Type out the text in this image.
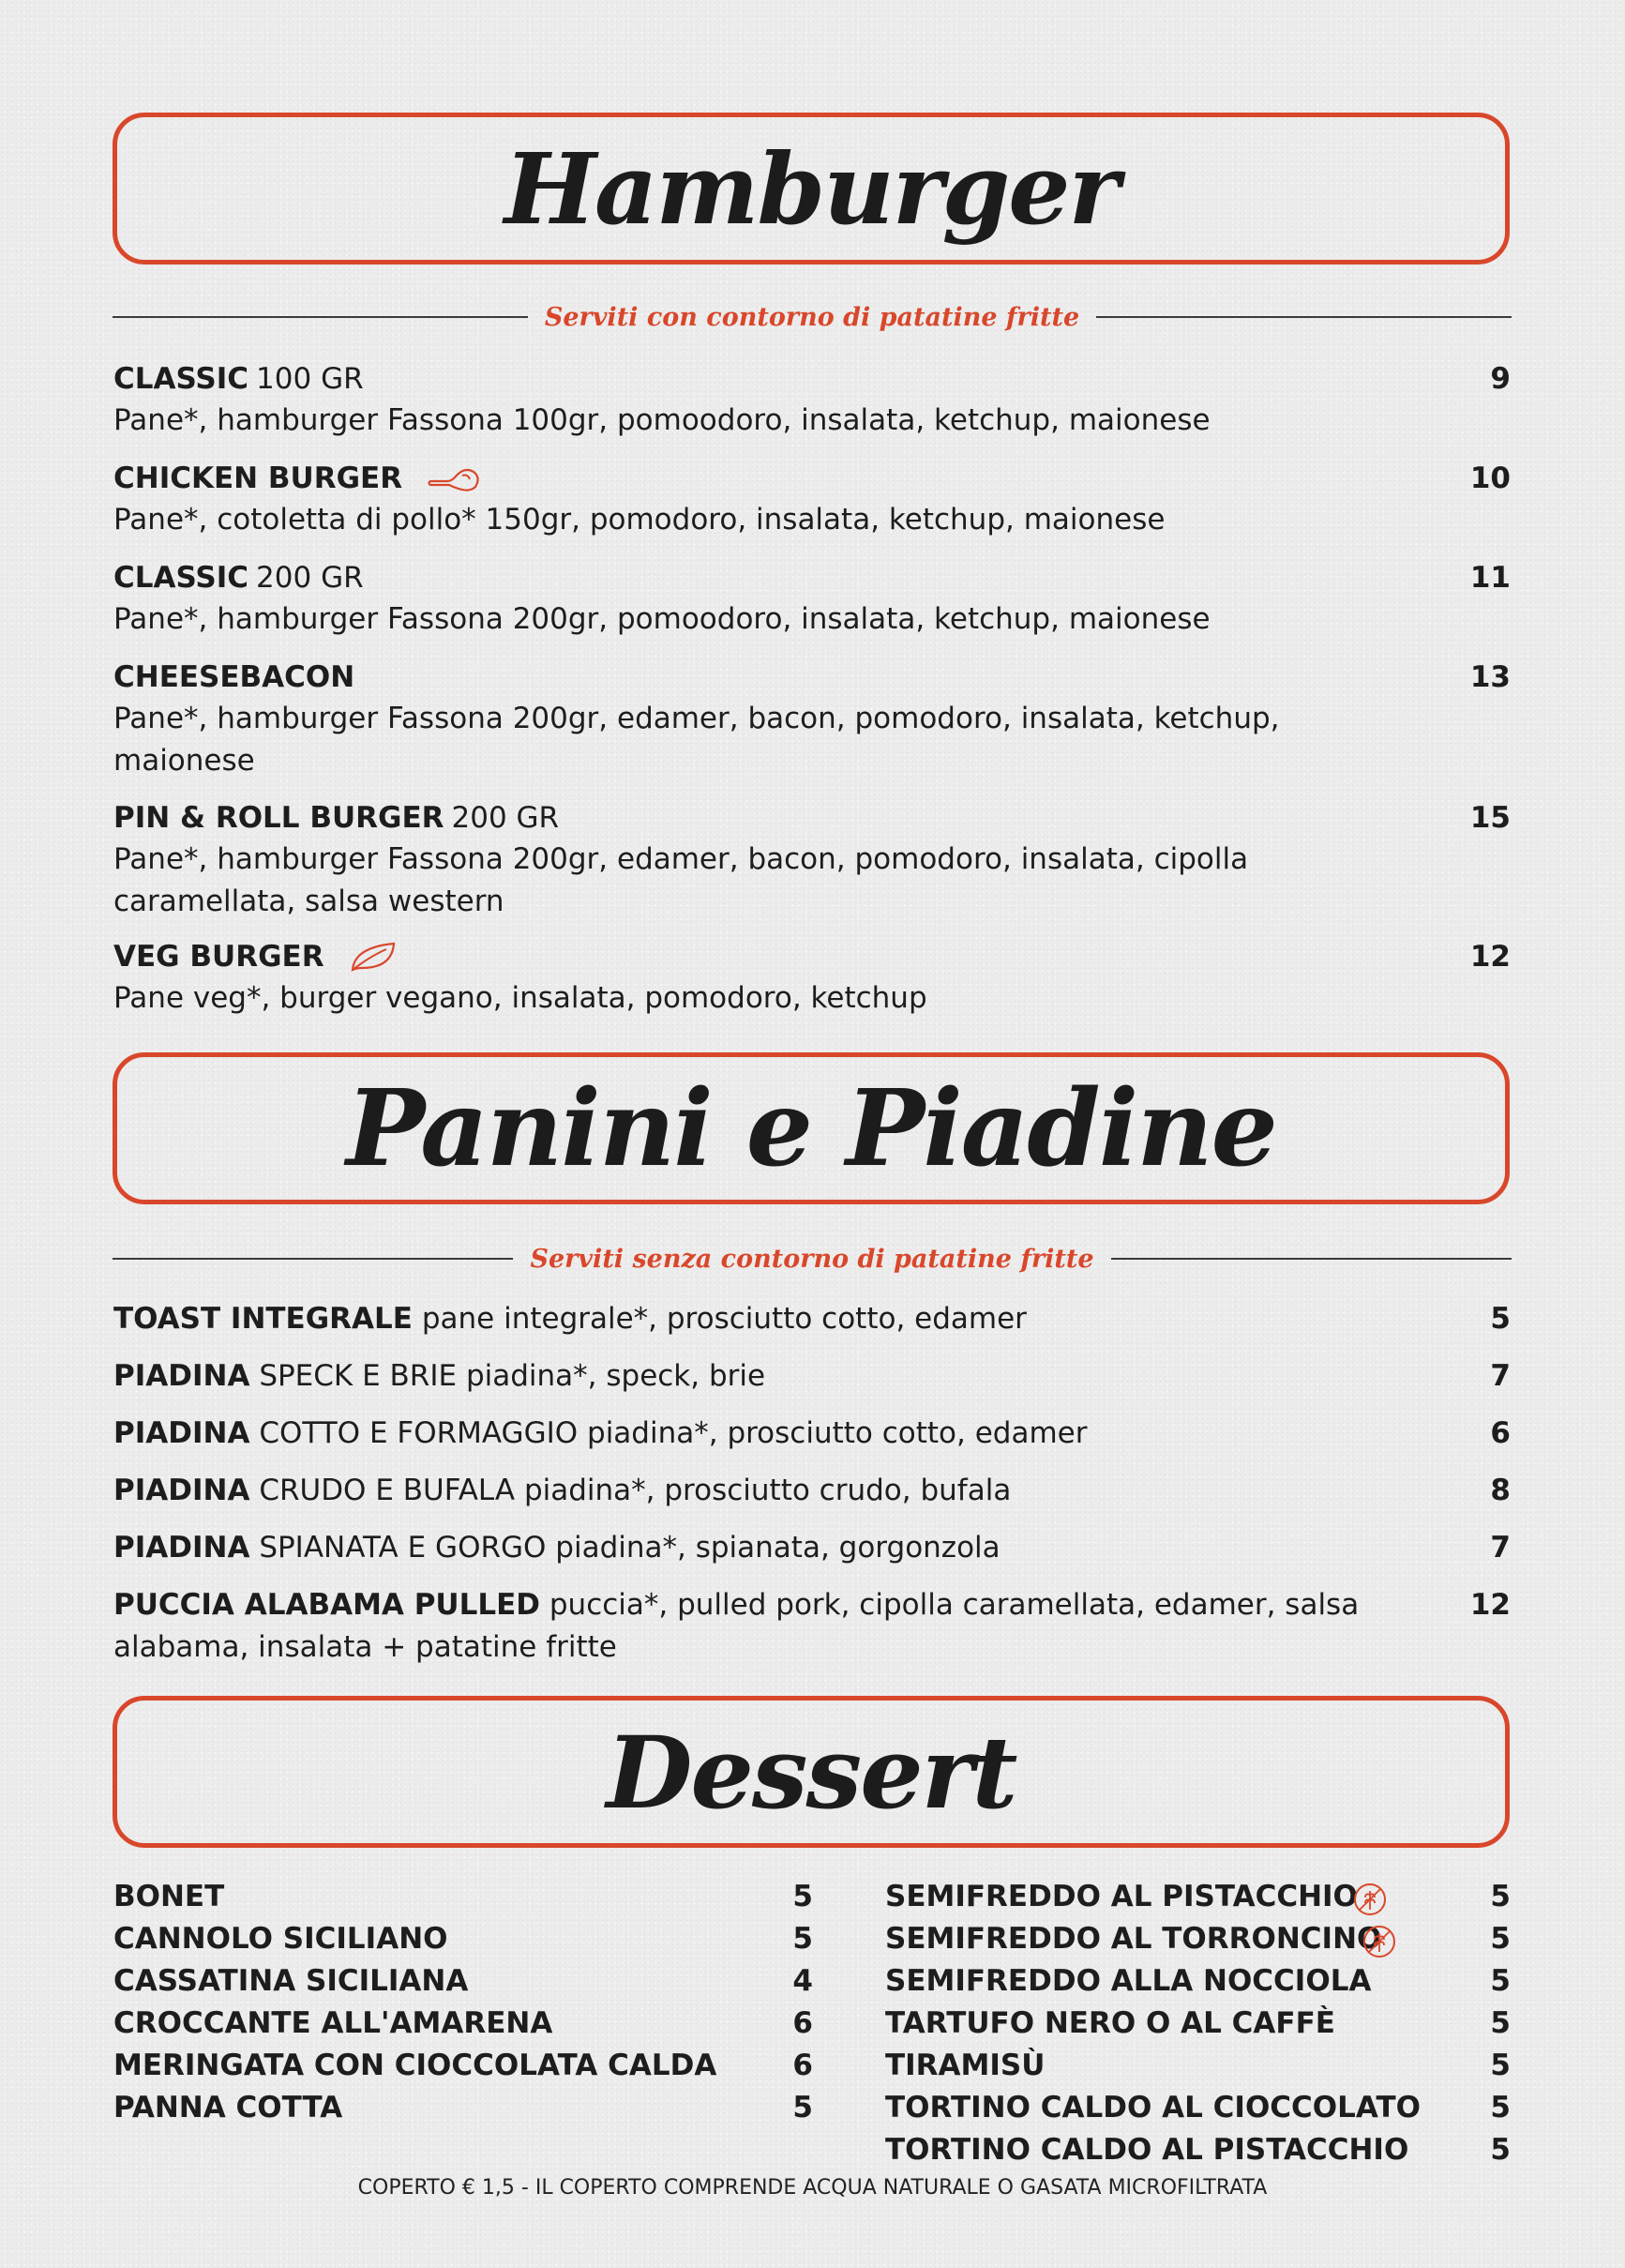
Hamburger
Serviti con contorno di patatine fritte
CLASSIC 100 GR
Pane*, hamburger Fassona 100gr, pomoodoro, insalata, ketchup, maionese
9
CHICKEN BURGER
Pane*, cotoletta di pollo* 150gr, pomodoro, insalata, ketchup, maionese
10
CLASSIC 200 GR
Pane*, hamburger Fassona 200gr, pomoodoro, insalata, ketchup, maionese
11
CHEESEBACON
Pane*, hamburger Fassona 200gr, edamer, bacon, pomodoro, insalata, ketchup, maionese
13
PIN & ROLL BURGER 200 GR
Pane*, hamburger Fassona 200gr, edamer, bacon, pomodoro, insalata, cipolla caramellata, salsa western
15
VEG BURGER
Pane veg*, burger vegano, insalata, pomodoro, ketchup
12
Panini e Piadine
Serviti senza contorno di patatine fritte
TOAST INTEGRALE pane integrale*, prosciutto cotto, edamer	5
PIADINA SPECK E BRIE piadina*, speck, brie	7
PIADINA COTTO E FORMAGGIO piadina*, prosciutto cotto, edamer	6
PIADINA CRUDO E BUFALA piadina*, prosciutto crudo, bufala	8
PIADINA SPIANATA E GORGO piadina*, spianata, gorgonzola	7
PUCCIA ALABAMA PULLED puccia*, pulled pork, cipolla caramellata, edamer, salsa alabama, insalata + patatine fritte
12
Dessert
BONET	5
CANNOLO SICILIANO	5
CASSATINA SICILIANA	4
CROCCANTE ALL'AMARENA	6
MERINGATA CON CIOCCOLATA CALDA	6
PANNA COTTA	5
SEMIFREDDO AL PISTACCHIO	5
SEMIFREDDO AL TORRONCINO	5
SEMIFREDDO ALLA NOCCIOLA	5
TARTUFO NERO O AL CAFFÈ	5
TIRAMISÙ	5
TORTINO CALDO AL CIOCCOLATO 5
TORTINO CALDO AL PISTACCHIO	5
COPERTO € 1,5 - IL COPERTO COMPRENDE ACQUA NATURALE O GASATA MICROFILTRATA
